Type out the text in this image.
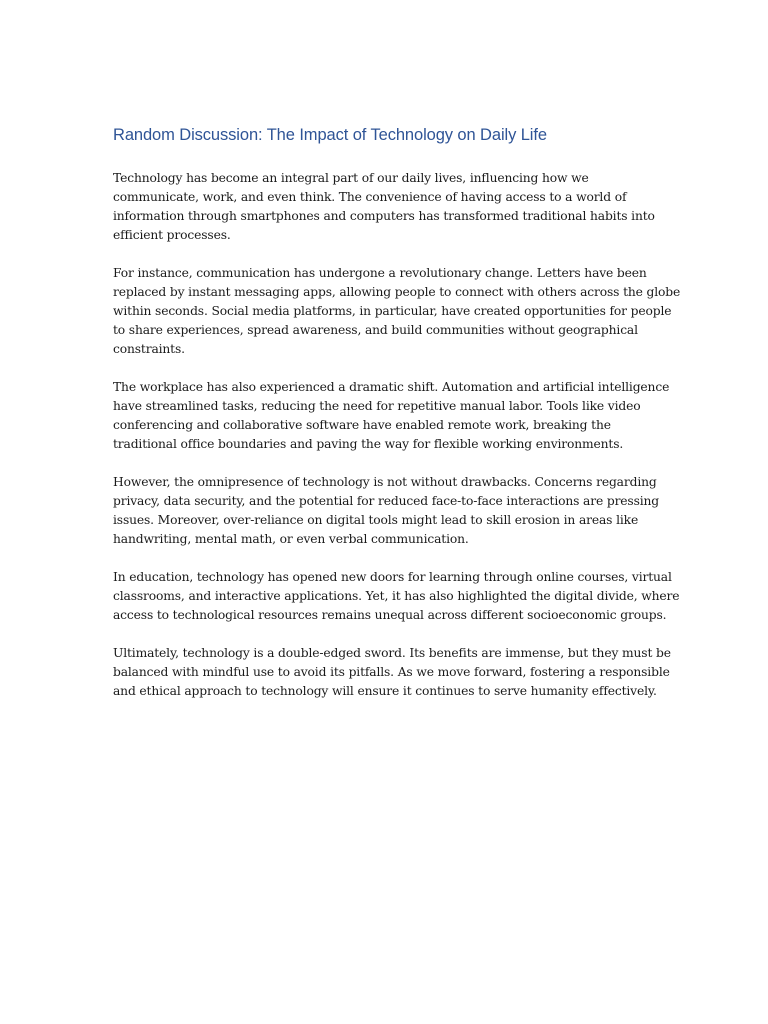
Random Discussion: The Impact of Technology on Daily Life

Technology has become an integral part of our daily lives, influencing how we
communicate, work, and even think. The convenience of having access to a world of
information through smartphones and computers has transformed traditional habits into
efficient processes.

For instance, communication has undergone a revolutionary change. Letters have been
replaced by instant messaging apps, allowing people to connect with others across the globe
within seconds. Social media platforms, in particular, have created opportunities for people
to share experiences, spread awareness, and build communities without geographical
constraints.

The workplace has also experienced a dramatic shift. Automation and artificial intelligence
have streamlined tasks, reducing the need for repetitive manual labor. Tools like video
conferencing and collaborative software have enabled remote work, breaking the
traditional office boundaries and paving the way for flexible working environments.

However, the omnipresence of technology is not without drawbacks. Concerns regarding
privacy, data security, and the potential for reduced face-to-face interactions are pressing
issues. Moreover, over-reliance on digital tools might lead to skill erosion in areas like
handwriting, mental math, or even verbal communication.

In education, technology has opened new doors for learning through online courses, virtual
classrooms, and interactive applications. Yet, it has also highlighted the digital divide, where
access to technological resources remains unequal across different socioeconomic groups.

Ultimately, technology is a double-edged sword. Its benefits are immense, but they must be
balanced with mindful use to avoid its pitfalls. As we move forward, fostering a responsible
and ethical approach to technology will ensure it continues to serve humanity effectively.
